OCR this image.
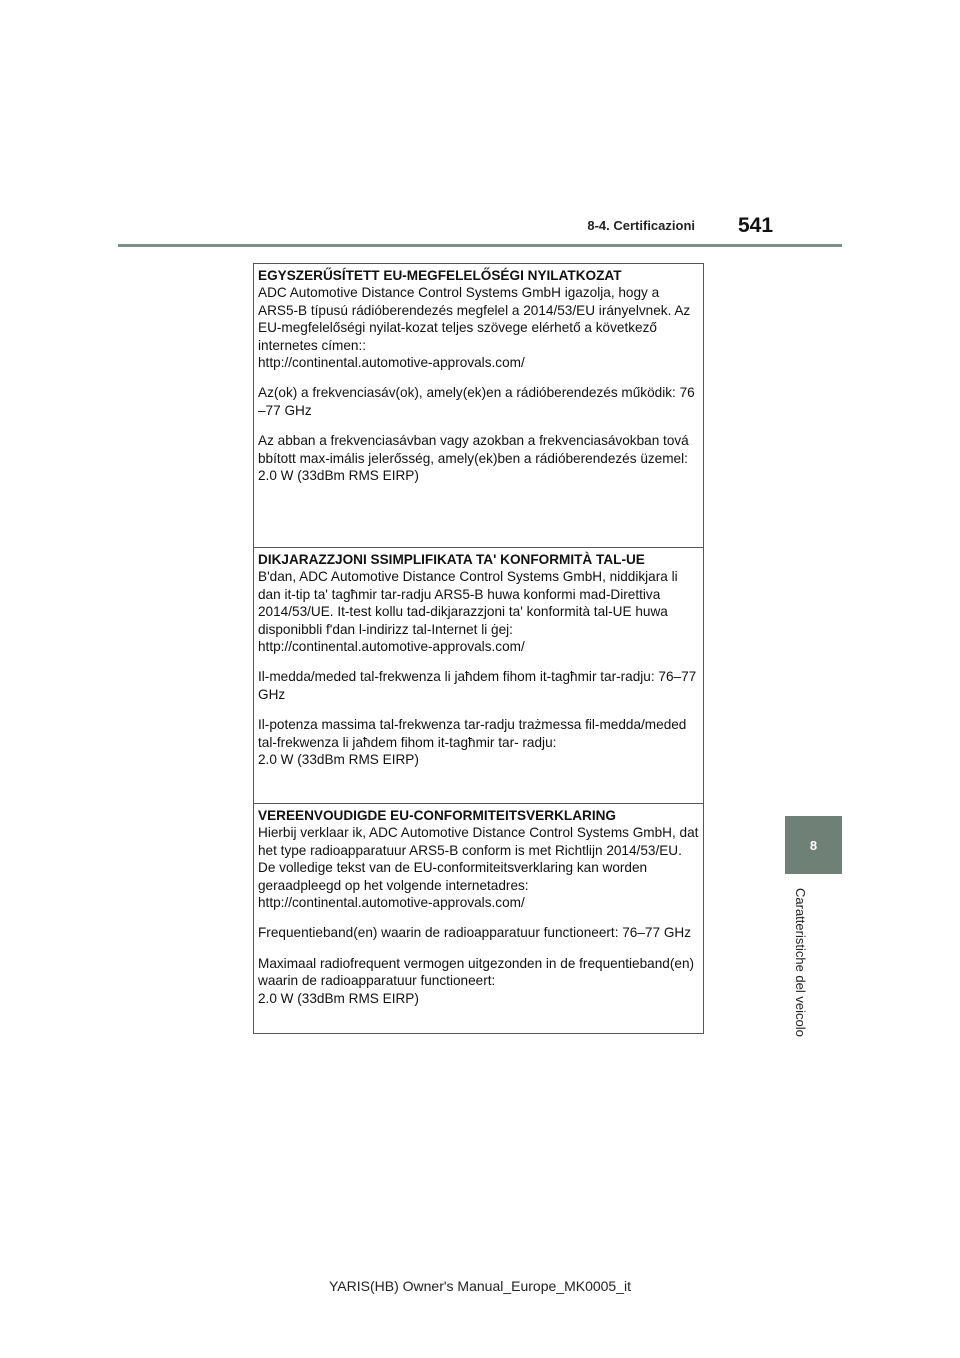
8-4. Certificazioni 541
8
Caratteristiche del veicolo
EGYSZERŰSÍTETT EU-MEGFELELŐSÉGI NYILATKOZAT

ADC Automotive Distance Control Systems GmbH igazolja, hogy a ARS5-B típusú rádióberendezés megfelel a 2014/53/EU irányelvnek. Az EU-megfelelőségi nyilat-kozat teljes szövege elérhető a következő internetes címen::

http://continental.automotive-approvals.com/

Az(ok) a frekvenciasáv(ok), amely(ek)en a rádióberendezés működik: 76 –77 GHz

Az abban a frekvenciasávban vagy azokban a frekvenciasávokban tová bbított max-imális jelerősség, amely(ek)ben a rádióberendezés üzemel:

2.0 W (33dBm RMS EIRP)

DIKJARAZZJONI SSIMPLIFIKATA TA' KONFORMITÀ TAL-UE

B'dan, ADC Automotive Distance Control Systems GmbH, niddikjara li dan it-tip ta' tagħmir tar-radju ARS5-B huwa konformi mad-Direttiva 2014/53/UE. It-test kollu tad-dikjarazzjoni ta' konformità tal-UE huwa disponibbli f'dan l-indirizz tal-Internet li ġej:

http://continental.automotive-approvals.com/

Il-medda/meded tal-frekwenza li jaħdem fihom it-tagħmir tar-radju: 76–77 GHz

Il-potenza massima tal-frekwenza tar-radju trażmessa fil-medda/meded tal-frekwenza li jaħdem fihom it-tagħmir tar- radju:

2.0 W (33dBm RMS EIRP)

VEREENVOUDIGDE EU-CONFORMITEITSVERKLARING

Hierbij verklaar ik, ADC Automotive Distance Control Systems GmbH, dat het type radioapparatuur ARS5-B conform is met Richtlijn 2014/53/EU. De volledige tekst van de EU-conformiteitsverklaring kan worden geraadpleegd op het volgende internetadres:

http://continental.automotive-approvals.com/

Frequentieband(en) waarin de radioapparatuur functioneert: 76–77 GHz

Maximaal radiofrequent vermogen uitgezonden in de frequentieband(en) waarin de radioapparatuur functioneert:

2.0 W (33dBm RMS EIRP)

YARIS(HB) Owner's Manual_Europe_MK0005_it
